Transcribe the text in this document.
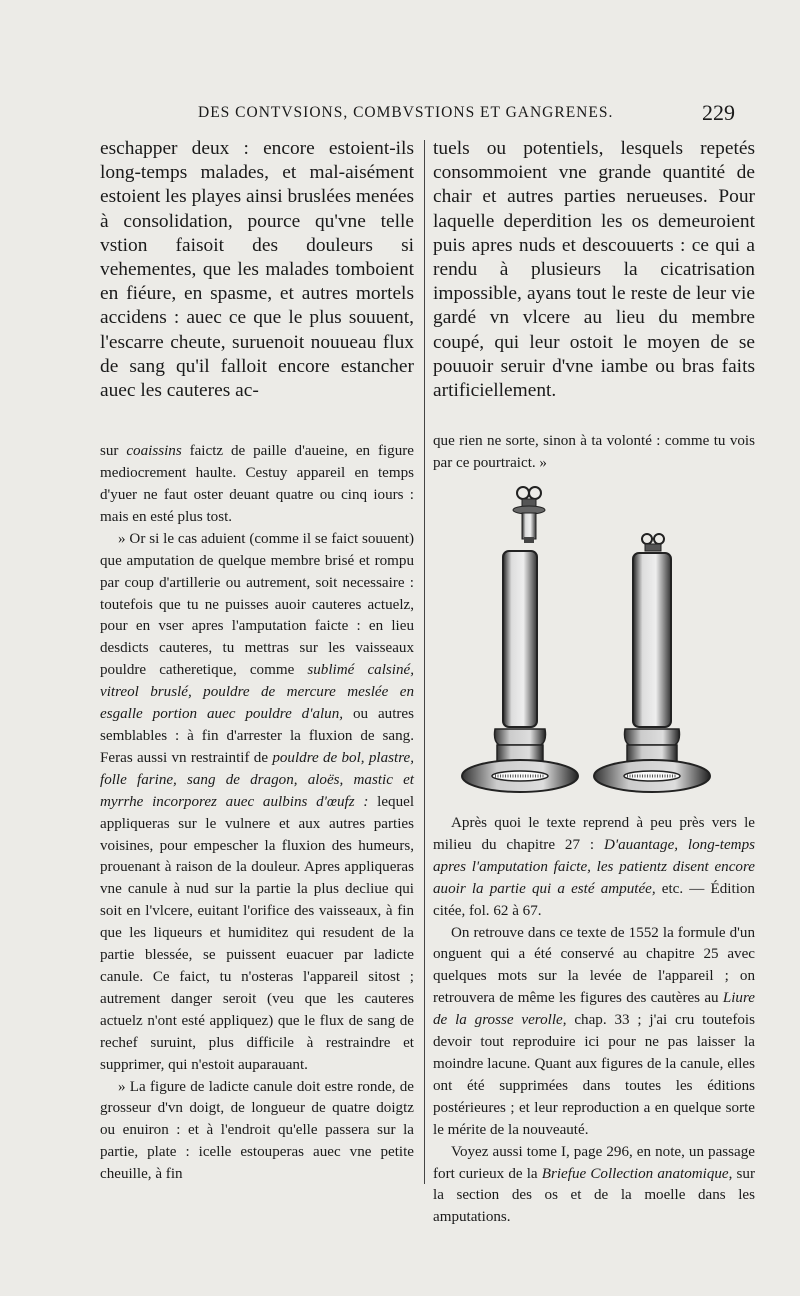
DES CONTVSIONS, COMBVSTIONS ET GANGRENES.	229

eschapper deux : encore estoient-ils long-temps malades, et mal-aisément estoient les playes ainsi bruslées menées à consolidation, pource qu'vne telle vstion faisoit des douleurs si vehementes, que les malades tomboient en fiéure, en spasme, et autres mortels accidens : auec ce que le plus souuent, l'escarre cheute, suruenoit nouueau flux de sang qu'il falloit encore estancher auec les cauteres ac-

sur coaissins faictz de paille d'aueine, en figure mediocrement haulte. Cestuy appareil en temps d'yuer ne faut oster deuant quatre ou cinq iours : mais en esté plus tost.

» Or si le cas aduient (comme il se faict souuent) que amputation de quelque membre brisé et rompu par coup d'artillerie ou autrement, soit necessaire : toutefois que tu ne puisses auoir cauteres actuelz, pour en vser apres l'amputation faicte : en lieu desdicts cauteres, tu mettras sur les vaisseaux pouldre catheretique, comme sublimé calsiné, vitreol bruslé, pouldre de mercure meslée en esgalle portion auec pouldre d'alun, ou autres semblables : à fin d'arrester la fluxion de sang. Feras aussi vn restraintif de pouldre de bol, plastre, folle farine, sang de dragon, aloës, mastic et myrrhe incorporez auec aulbins d'œufz : lequel appliqueras sur le vulnere et aux autres parties voisines, pour empescher la fluxion des humeurs, prouenant à raison de la douleur. Apres appliqueras vne canule à nud sur la partie la plus decliue qui soit en l'vlcere, euitant l'orifice des vaisseaux, à fin que les liqueurs et humiditez qui resudent de la partie blessée, se puissent euacuer par ladicte canule. Ce faict, tu n'osteras l'appareil sitost ; autrement danger seroit (veu que les cauteres actuelz n'ont esté appliquez) que le flux de sang de rechef suruint, plus difficile à restraindre et supprimer, qui n'estoit auparauant.

» La figure de ladicte canule doit estre ronde, de grosseur d'vn doigt, de longueur de quatre doigtz ou enuiron : et à l'endroit qu'elle passera sur la partie, plate : icelle estouperas auec vne petite cheuille, à fin

tuels ou potentiels, lesquels repetés consommoient vne grande quantité de chair et autres parties nerueuses. Pour laquelle deperdition les os demeuroient puis apres nuds et descouuerts : ce qui a rendu à plusieurs la cicatrisation impossible, ayans tout le reste de leur vie gardé vn vlcere au lieu du membre coupé, qui leur ostoit le moyen de se pouuoir seruir d'vne iambe ou bras faits artificiellement.

que rien ne sorte, sinon à ta volonté : comme tu vois par ce pourtraict. »

Après quoi le texte reprend à peu près vers le milieu du chapitre 27 : D'auantage, long-temps apres l'amputation faicte, les patientz disent encore auoir la partie qui a esté amputée, etc. — Édition citée, fol. 62 à 67.

On retrouve dans ce texte de 1552 la formule d'un onguent qui a été conservé au chapitre 25 avec quelques mots sur la levée de l'appareil ; on retrouvera de même les figures des cautères au Liure de la grosse verolle, chap. 33 ; j'ai cru toutefois devoir tout reproduire ici pour ne pas laisser la moindre lacune. Quant aux figures de la canule, elles ont été supprimées dans toutes les éditions postérieures ; et leur reproduction a en quelque sorte le mérite de la nouveauté.

Voyez aussi tome I, page 296, en note, un passage fort curieux de la Briefue Collection anatomique, sur la section des os et de la moelle dans les amputations.
